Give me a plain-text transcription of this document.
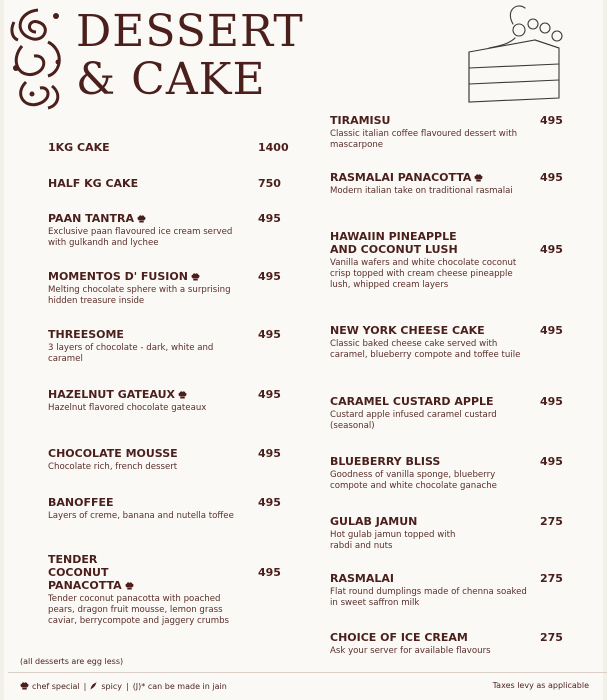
DESSERT
& CAKE
1KG CAKE	1400
HALF KG CAKE	750
PAAN TANTRA
Exclusive paan flavoured ice cream served with gulkandh and lychee
495
MOMENTOS D' FUSION
Melting chocolate sphere with a surprising hidden treasure inside
495
THREESOME
3 layers of chocolate - dark, white and caramel
495
HAZELNUT GATEAUX
Hazelnut flavored chocolate gateaux
495
CHOCOLATE MOUSSE
Chocolate rich, french dessert
495
BANOFFEE
Layers of creme, banana and nutella toffee
495
TENDER COCONUT PANACOTTA
Tender coconut panacotta with poached pears, dragon fruit mousse, lemon grass caviar, berrycompote and jaggery crumbs
495
TIRAMISU
Classic italian coffee flavoured dessert with mascarpone
495
RASMALAI PANACOTTA
Modern italian take on traditional rasmalai
495
HAWAIIN PINEAPPLE AND COCONUT LUSH
Vanilla wafers and white chocolate coconut crisp topped with cream cheese pineapple lush, whipped cream layers
495
NEW YORK CHEESE CAKE
Classic baked cheese cake served with caramel, blueberry compote and toffee tuile
495
CARAMEL CUSTARD APPLE
Custard apple infused caramel custard (seasonal)
495
BLUEBERRY BLISS
Goodness of vanilla sponge, blueberry compote and white chocolate ganache
495
GULAB JAMUN
Hot gulab jamun topped with rabdi and nuts
275
RASMALAI
Flat round dumplings made of chenna soaked in sweet saffron milk
275
CHOICE OF ICE CREAM
Ask your server for available flavours
275
(all desserts are egg less)
chef special | spicy | (J)* can be made in jain	Taxes levy as applicable
